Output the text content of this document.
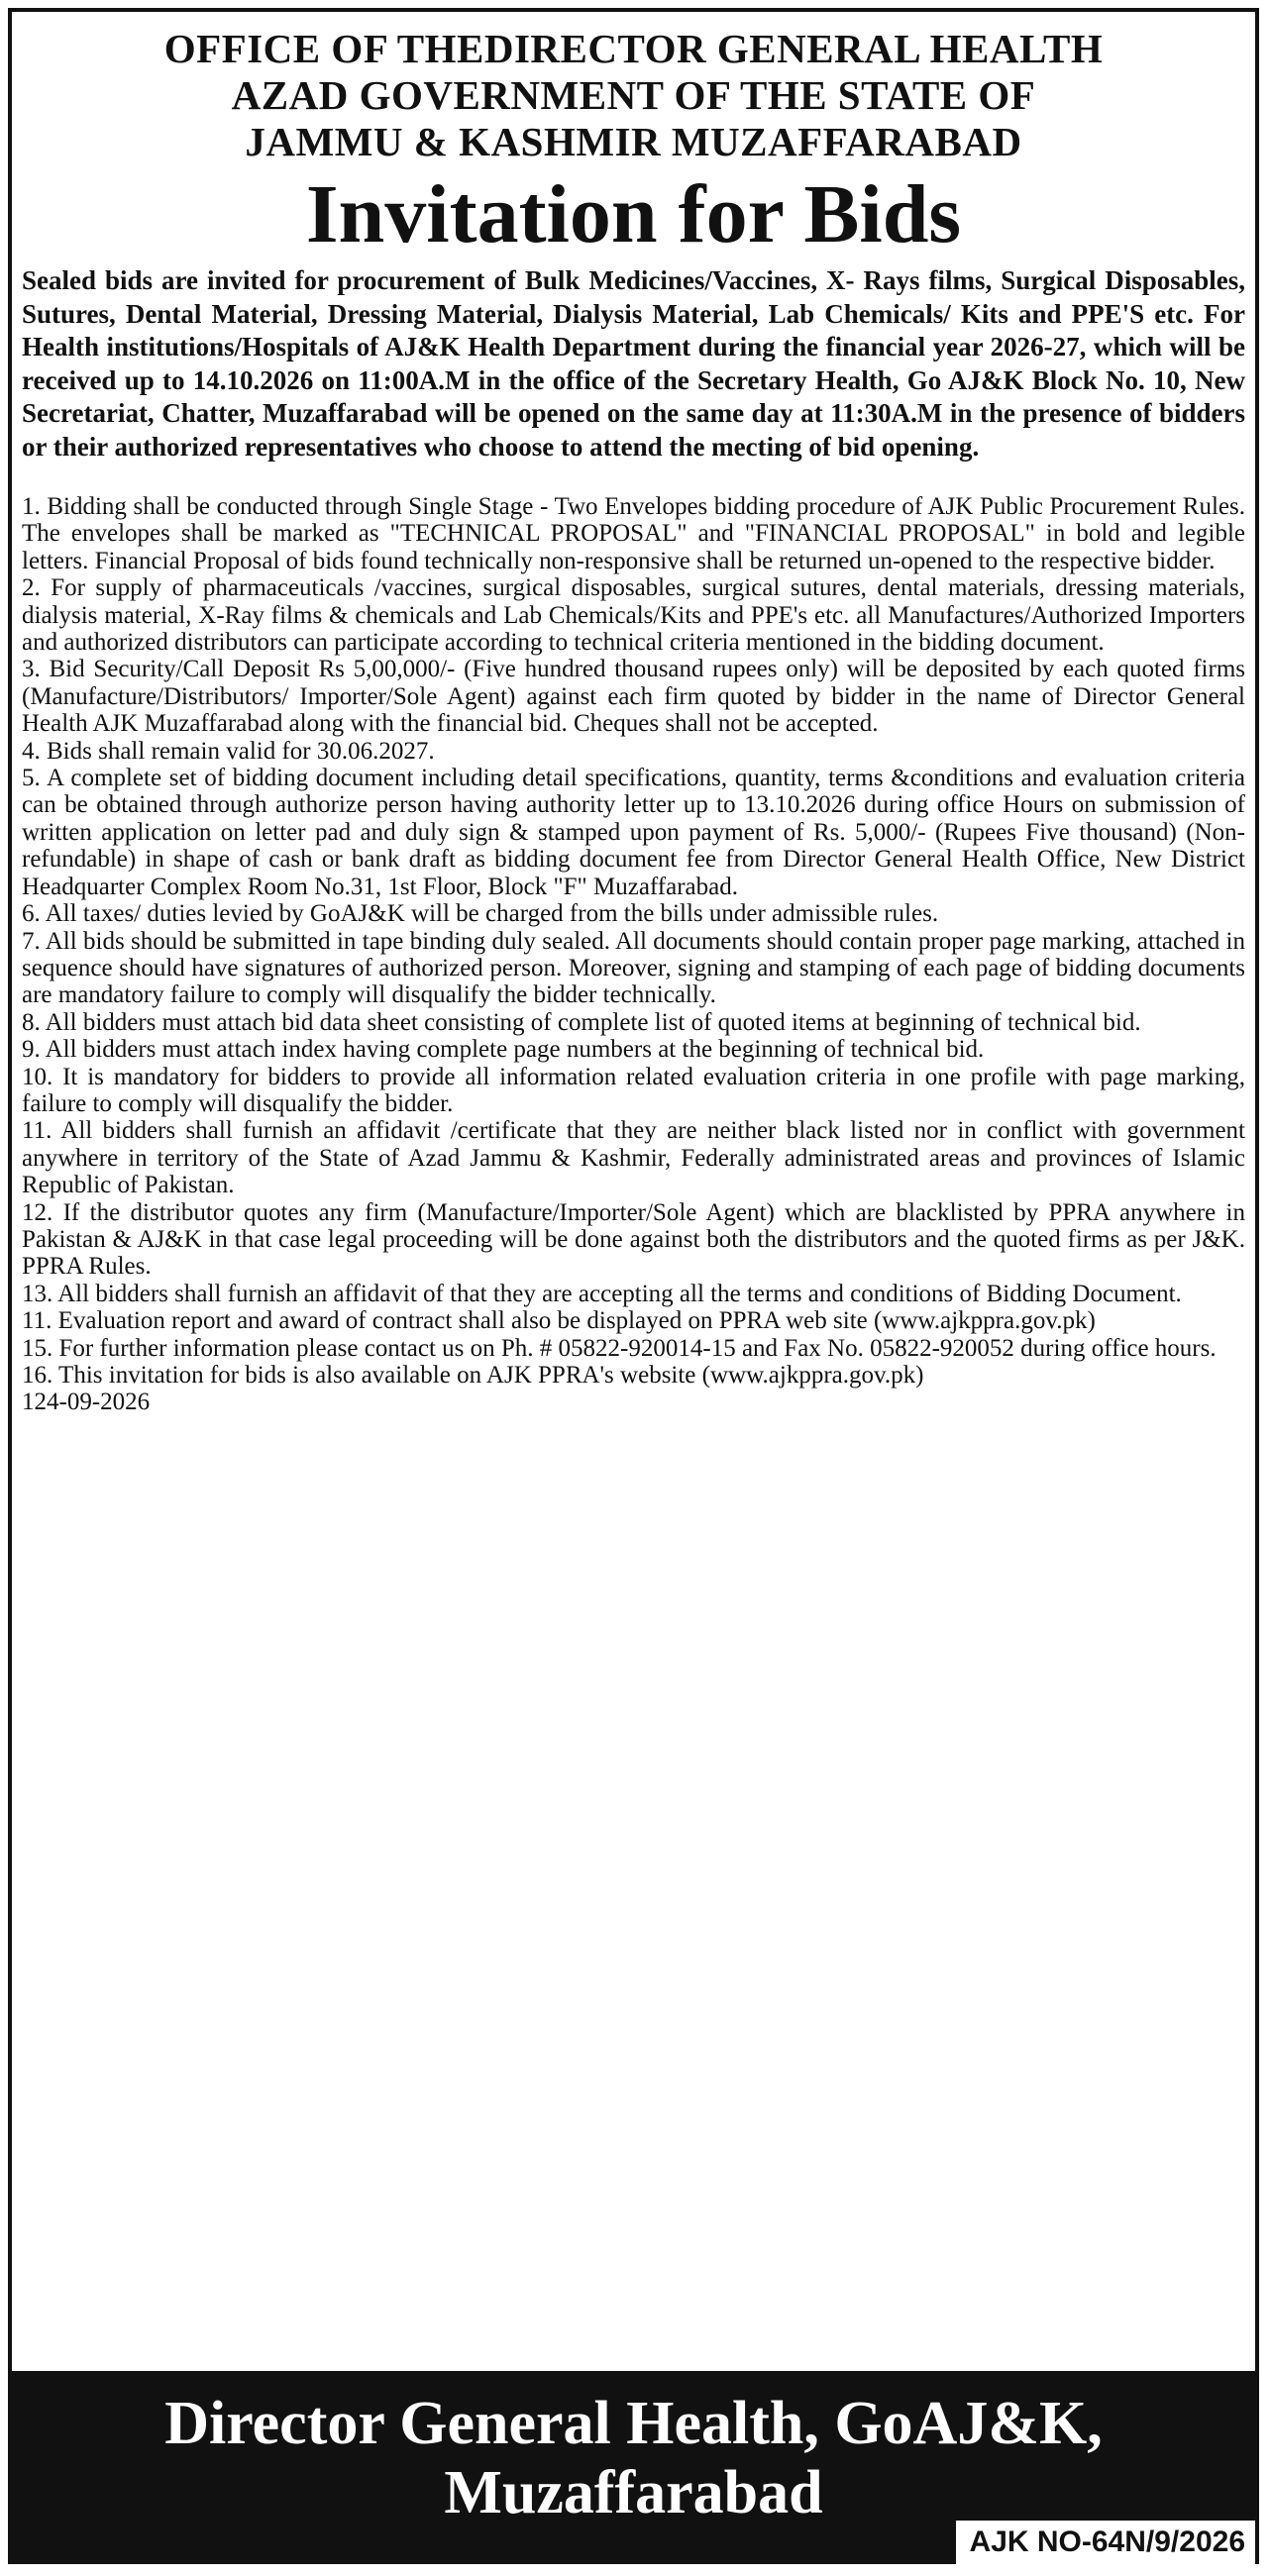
OFFICE OF THEDIRECTOR GENERAL HEALTH
AZAD GOVERNMENT OF THE STATE OF
JAMMU & KASHMIR MUZAFFARABAD
Invitation for Bids
Sealed bids are invited for procurement of Bulk Medicines/Vaccines, X- Rays films, Surgical Disposables, Sutures, Dental Material, Dressing Material, Dialysis Material, Lab Chemicals/ Kits and PPE'S etc. For Health institutions/Hospitals of AJ&K Health Department during the financial year 2026-27, which will be received up to 14.10.2026 on 11:00A.M in the office of the Secretary Health, Go AJ&K Block No. 10, New Secretariat, Chatter, Muzaffarabad will be opened on the same day at 11:30A.M in the presence of bidders or their authorized representatives who choose to attend the mecting of bid opening.
1. Bidding shall be conducted through Single Stage - Two Envelopes bidding procedure of AJK Public Procurement Rules. The envelopes shall be marked as "TECHNICAL PROPOSAL" and "FINANCIAL PROPOSAL" in bold and legible letters. Financial Proposal of bids found technically non-responsive shall be returned un-opened to the respective bidder.
2. For supply of pharmaceuticals /vaccines, surgical disposables, surgical sutures, dental materials, dressing materials, dialysis material, X-Ray films & chemicals and Lab Chemicals/Kits and PPE's etc. all Manufactures/Authorized Importers and authorized distributors can participate according to technical criteria mentioned in the bidding document.
3. Bid Security/Call Deposit Rs 5,00,000/- (Five hundred thousand rupees only) will be deposited by each quoted firms (Manufacture/Distributors/ Importer/Sole Agent) against each firm quoted by bidder in the name of Director General Health AJK Muzaffarabad along with the financial bid. Cheques shall not be accepted.
4. Bids shall remain valid for 30.06.2027.
5. A complete set of bidding document including detail specifications, quantity, terms &conditions and evaluation criteria can be obtained through authorize person having authority letter up to 13.10.2026 during office Hours on submission of written application on letter pad and duly sign & stamped upon payment of Rs. 5,000/- (Rupees Five thousand) (Non-refundable) in shape of cash or bank draft as bidding document fee from Director General Health Office, New District Headquarter Complex Room No.31, 1st Floor, Block "F" Muzaffarabad.
6. All taxes/ duties levied by GoAJ&K will be charged from the bills under admissible rules.
7. All bids should be submitted in tape binding duly sealed. All documents should contain proper page marking, attached in sequence should have signatures of authorized person. Moreover, signing and stamping of each page of bidding documents are mandatory failure to comply will disqualify the bidder technically.
8. All bidders must attach bid data sheet consisting of complete list of quoted items at beginning of technical bid.
9. All bidders must attach index having complete page numbers at the beginning of technical bid.
10. It is mandatory for bidders to provide all information related evaluation criteria in one profile with page marking, failure to comply will disqualify the bidder.
11. All bidders shall furnish an affidavit /certificate that they are neither black listed nor in conflict with government anywhere in territory of the State of Azad Jammu & Kashmir, Federally administrated areas and provinces of Islamic Republic of Pakistan.
12. If the distributor quotes any firm (Manufacture/Importer/Sole Agent) which are blacklisted by PPRA anywhere in Pakistan & AJ&K in that case legal proceeding will be done against both the distributors and the quoted firms as per J&K. PPRA Rules.
13. All bidders shall furnish an affidavit of that they are accepting all the terms and conditions of Bidding Document.
11. Evaluation report and award of contract shall also be displayed on PPRA web site (www.ajkppra.gov.pk)
15. For further information please contact us on Ph. # 05822-920014-15 and Fax No. 05822-920052 during office hours.
16. This invitation for bids is also available on AJK PPRA's website (www.ajkppra.gov.pk)
124-09-2026
Director General Health, GoAJ&K,
Muzaffarabad
AJK NO-64N/9/2026
